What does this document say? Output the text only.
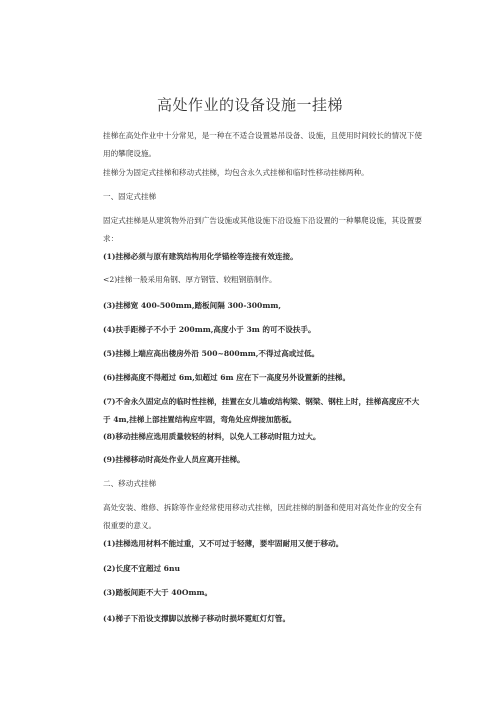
高处作业的设备设施一挂梯
挂梯在高处作业中十分常见，是一种在不适合设置悬吊设备、设施，且使用时间较长的情况下使用的攀爬设施。
挂梯分为固定式挂梯和移动式挂梯，均包含永久式挂梯和临时性移动挂梯两种。
一、固定式挂梯
固定式挂梯是从建筑物外沿到广告设施或其他设施下沿设施下沿设置的一种攀爬设施，其设置要求：
(1)挂梯必须与原有建筑结构用化学锚栓等连接有效连接。
<2)挂梯一般采用角钢、厚方钢管、较粗钢筋制作。
(3)挂梯宽 400-500mm,踏板间隔 300-300mm,
(4)扶手距梯子不小于 200mm,高度小于 3m 的可不设扶手。
(5)挂梯上端应高出楼房外沿 500~800mm,不得过高或过低。
(6)挂梯高度不得超过 6m,如超过 6m 应在下一高度另外设置新的挂梯。
(7)不舍永久固定点的临时性挂梯，挂置在女儿墙或结构梁、钢梁、钢柱上时，挂梯高度应不大于 4m,挂梯上部挂置结构应牢固，弯角处应焊接加筋板。
(8)移动挂梯应选用质量较轻的材料，以免人工移动时阻力过大。
(9)挂梯移动时高处作业人员应离开挂梯。
二、移动式挂梯
高处安装、维修、拆除等作业经常使用移动式挂梯，因此挂梯的制备和使用对高处作业的安全有很重要的意义。
(1)挂梯选用材料不能过重，又不可过于轻薄，要牢固耐用又便于移动。
(2)长度不宜超过 6nu
(3)踏板间距不大于 40Omm。
(4)梯子下沿设支撑脚以放梯子移动时损坏霓虹灯灯管。
